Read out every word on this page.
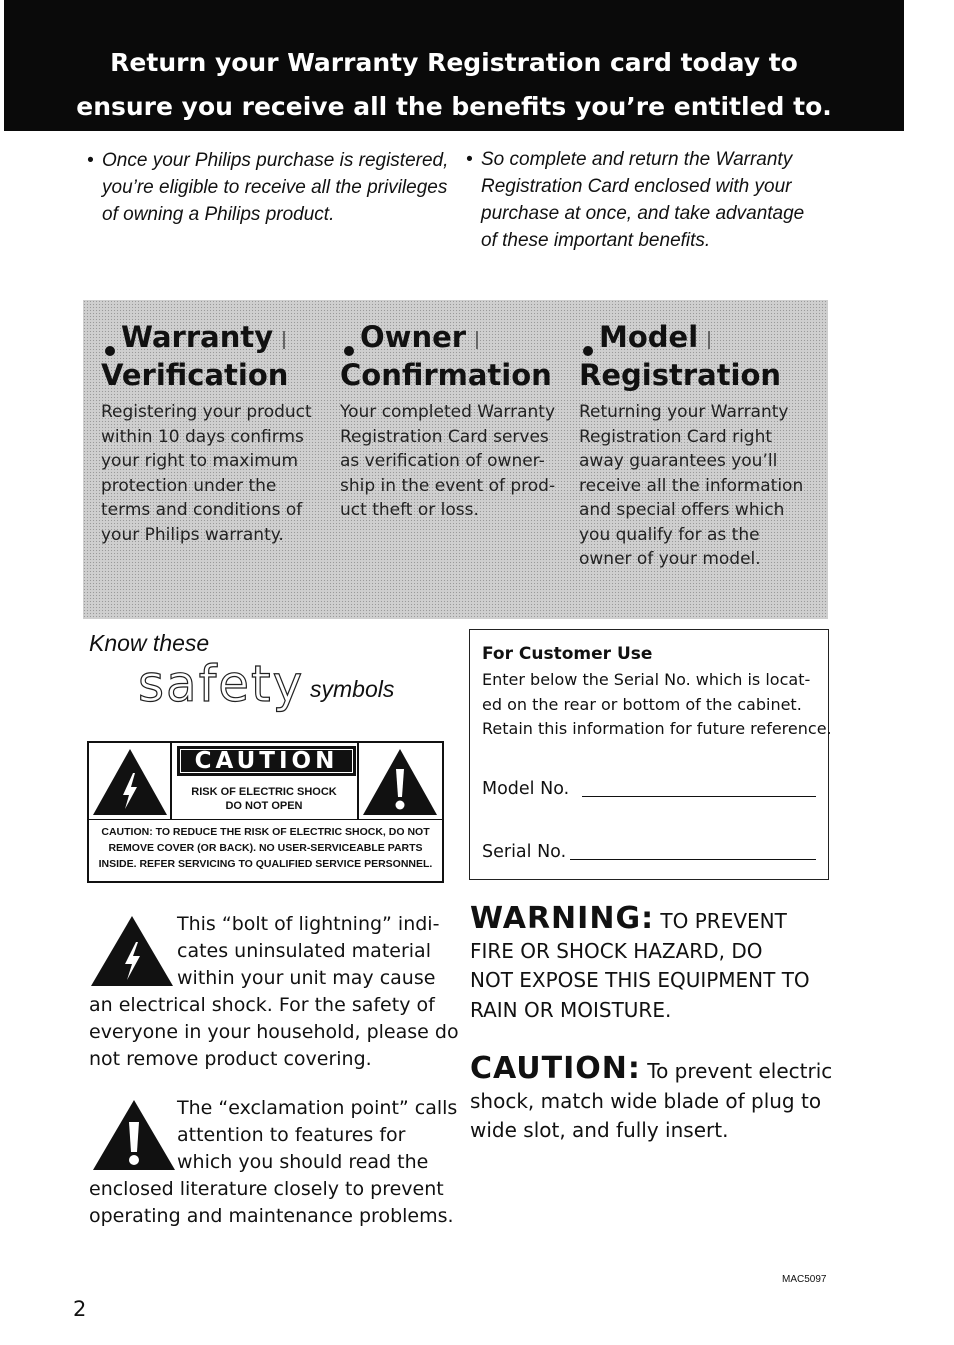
Return your Warranty Registration card today to
ensure you receive all the benefits you’re entitled to.
• Once your Philips purchase is registered,
you’re eligible to receive all the privileges
of owning a Philips product.
• So complete and return the Warranty
Registration Card enclosed with your
purchase at once, and take advantage
of these important benefits.
Warranty
Verification
Registering your product
within 10 days confirms
your right to maximum
protection under the
terms and conditions of
your Philips warranty.
Owner
Confirmation
Your completed Warranty
Registration Card serves
as verification of owner-
ship in the event of prod-
uct theft or loss.
Model
Registration
Returning your Warranty
Registration Card right
away guarantees you’ll
receive all the information
and special offers which
you qualify for as the
owner of your model.
Know these
safety symbols
CAUTION
RISK OF ELECTRIC SHOCK
DO NOT OPEN
CAUTION: TO REDUCE THE RISK OF ELECTRIC SHOCK, DO NOT
REMOVE COVER (OR BACK). NO USER-SERVICEABLE PARTS
INSIDE. REFER SERVICING TO QUALIFIED SERVICE PERSONNEL.
For Customer Use
Enter below the Serial No. which is locat-
ed on the rear or bottom of the cabinet.
Retain this information for future reference.
Model No.
Serial No.
This “bolt of lightning” indi-
cates uninsulated material
within your unit may cause
an electrical shock. For the safety of
everyone in your household, please do
not remove product covering.
The “exclamation point” calls
attention to features for
which you should read the
enclosed literature closely to prevent
operating and maintenance problems.
WARNING: TO PREVENT
FIRE OR SHOCK HAZARD, DO
NOT EXPOSE THIS EQUIPMENT TO
RAIN OR MOISTURE.
CAUTION: To prevent electric
shock, match wide blade of plug to
wide slot, and fully insert.
MAC5097
2
